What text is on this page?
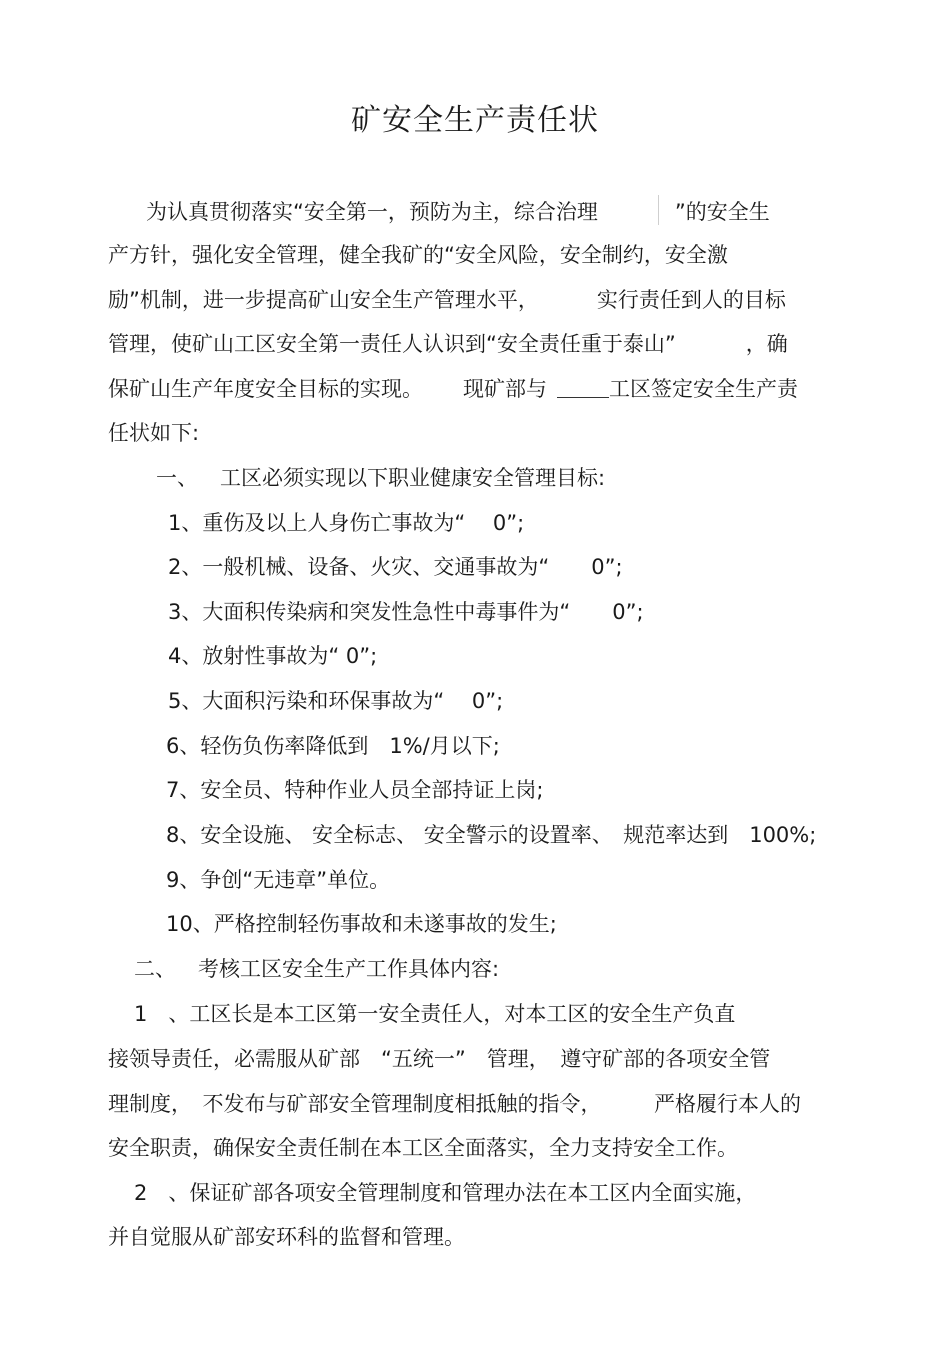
矿安全生产责任状
为认真贯彻落实“安全第一，预防为主，综合治理	”的安全生
产方针，强化安全管理，健全我矿的“安全风险，安全制约，安全激
励”机制，进一步提高矿山安全生产管理水平，	实行责任到人的目标
管理，使矿山工区安全第一责任人认识到“安全责任重于泰山”	，确
保矿山生产年度安全目标的实现。 现矿部与	工区签定安全生产责
任状如下:
一、 工区必须实现以下职业健康安全管理目标:
1、重伤及以上人身伤亡事故为“　 0”;
2、一般机械、设备、火灾、交通事故为“　　0”;
3、大面积传染病和突发性急性中毒事件为“　　0”;
4、放射性事故为“ 0”;
5、大面积污染和环保事故为“　 0”;
6、轻伤负伤率降低到　1%/月以下;
7、安全员、特种作业人员全部持证上岗;
8、安全设施、 安全标志、 安全警示的设置率、　规范率达到　100%;
9、争创“无违章”单位。
10、严格控制轻伤事故和未遂事故的发生;
二、 考核工区安全生产工作具体内容:
1　、工区长是本工区第一安全责任人，对本工区的安全生产负直
接领导责任，必需服从矿部　“五统一”　管理，　遵守矿部的各项安全管
理制度，　不发布与矿部安全管理制度相抵触的指令，　　　严格履行本人的
安全职责，确保安全责任制在本工区全面落实，全力支持安全工作。
2　、保证矿部各项安全管理制度和管理办法在本工区内全面实施，
并自觉服从矿部安环科的监督和管理。
